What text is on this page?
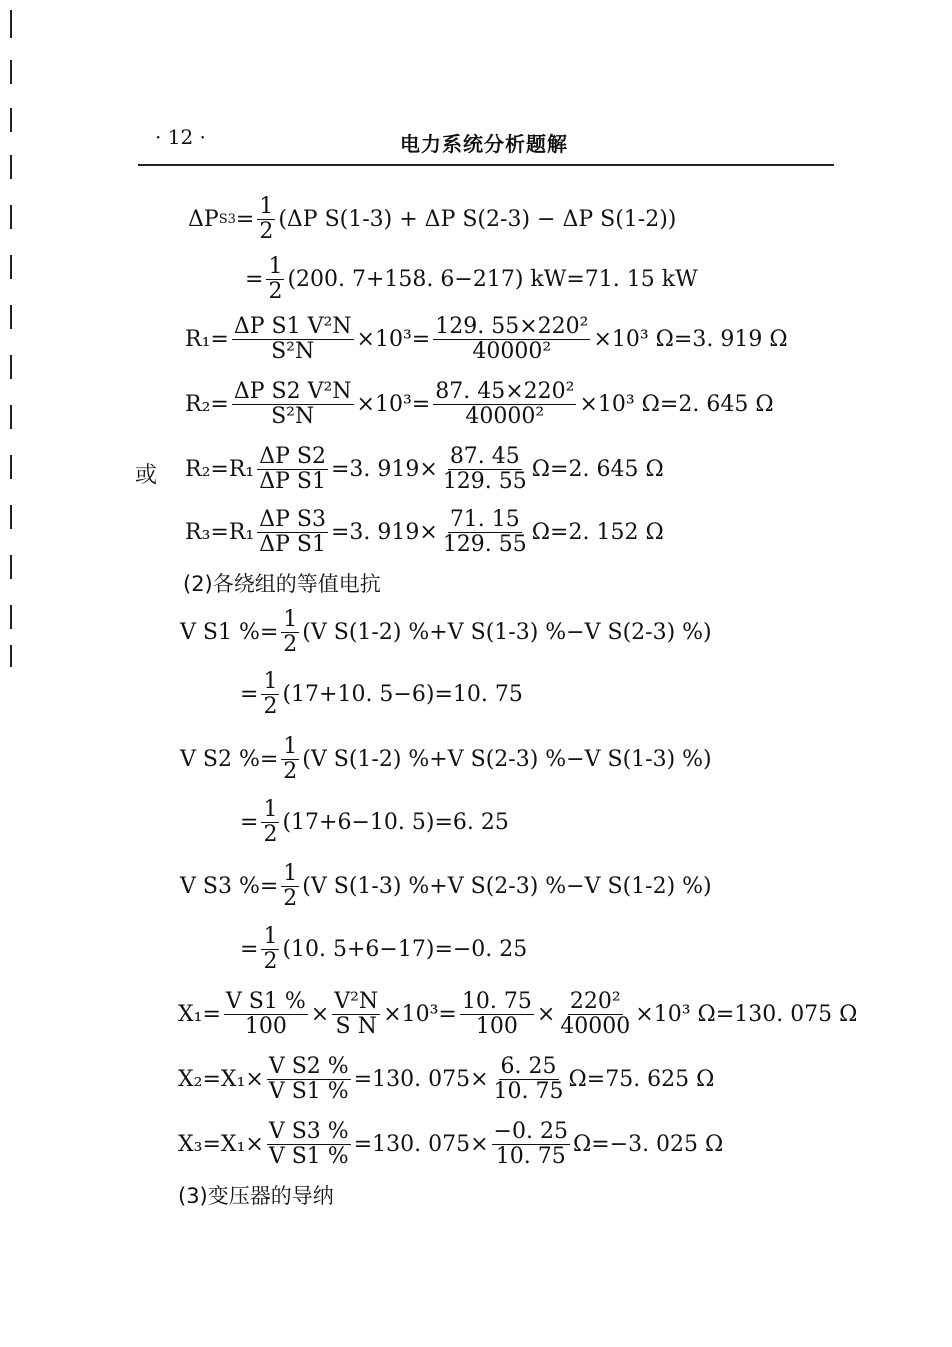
· 12 ·	电力系统分析题解
ΔP $S3 = \frac{1}{2} (\Delta P$ S(1-3) + ΔP S(2-3) − ΔP S(1-2))
= $\frac{1}{2} (200$. 7+158. 6−217) kW=71. 15 kW
$R_1= \frac{\text{ΔP S1 V²N}}{\text{S²N}} \times 10^3= \frac{\text{129. 55×220²}}{\text{40000²}} \times 10^3$ Ω=3. 919 Ω
$R_2= \frac{\text{ΔP S2 V²N}}{\text{S²N}} \times 10^3= \frac{\text{87. 45×220²}}{\text{40000²}} \times 10^3$ Ω=2. 645 Ω
或 $R_2=R_1 \frac{\text{ΔP S2}}{\text{ΔP S1}} =3$. $919\times \frac{87. 45}{129. 55} \Omega=2$. 645 Ω
$R_3=R_1 \frac{\text{ΔP S3}}{\text{ΔP S1}} =3$. $919\times \frac{71. 15}{129. 55} \Omega=2$. 152 Ω
(2)各绕组的等值电抗
V S1 %= $\frac{1}{2} (V$ S(1-2) %+V S(1-3) %−V S(2-3) %)
= $\frac{1}{2} (17+10$. 5−6)=10. 75
V S2 %= $\frac{1}{2} (V$ S(1-2) %+V S(2-3) %−V S(1-3) %)
= $\frac{1}{2} (17+6-10$. 5)=6. 25
V S3 %= $\frac{1}{2} (V$ S(1-3) %+V S(2-3) %−V S(1-2) %)
= $\frac{1}{2} (10$. 5+6−17)=−0. 25
$X_1= \frac{\text{V S1 \%}}{100} \times \frac{\text{V²N}}{\text{S N}} \times 10^3= \frac{10. 75}{100} \times \frac{\text{220²}}{40000} \times 10^3$ Ω=130. 075 Ω
$X_2=X_1\times \frac{\text{V S2 \%}}{\text{V S1 \%}} =130$. $075\times \frac{6. 25}{10. 75} \Omega=75$. 625 Ω
$X_3=X_1\times \frac{\text{V S3 \%}}{\text{V S1 \%}} =130$. $075\times \frac{-0. 25}{10. 75} \Omega=-3$. 025 Ω
(3)变压器的导纳
